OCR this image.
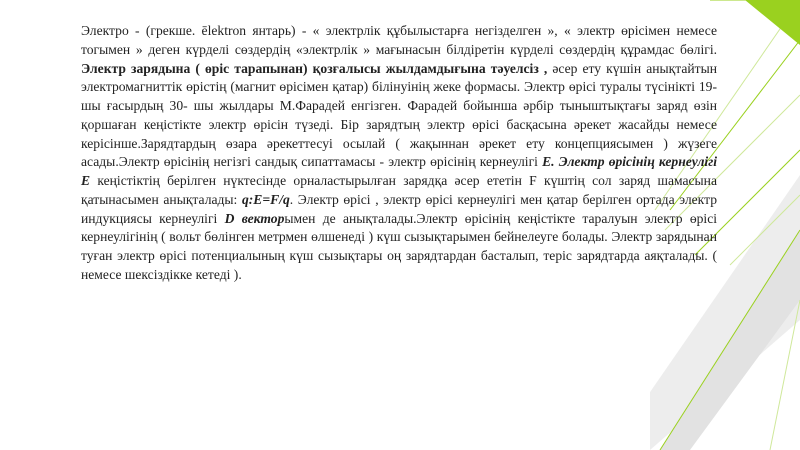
Электро - (грекше. ēlektron янтарь) - « электрлік құбылыстарға негізделген », « электр өрісімен немесе тогымен » деген күрделі сөздердің «электрлік » мағынасын білдіретін күрделі сөздердің құрамдас бөлігі. Электр зарядына ( өріс тарапынан) қозғалысы жылдамдығына тәуелсіз , әсер ету күшін анықтайтын электромагниттік өрістің (магнит өрісімен қатар) білінуінің жеке формасы. Электр өрісі туралы түсінікті 19-шы ғасырдың 30- шы жылдары М.Фарадей енгізген. Фарадей бойынша әрбір тыныштықтағы заряд өзін қоршаған кеңістікте электр өрісін түзеді. Бір зарядтың электр өрісі басқасына әрекет жасайды немесе керісінше.Зарядтардың өзара әрекеттесуі осылай ( жақыннан әрекет ету концепциясымен ) жүзеге асады.Электр өрісінің негізгі сандық сипаттамасы - электр өрісінің кернеулігі E. Электр өрісінің кернеулігі E кеңістіктің берілген нүктесінде орналастырылған зарядқа әсер ететін F күштің сол заряд шамасына қатынасымен анықталады: q:E=F/q. Электр өрісі , электр өрісі кернеулігі мен қатар берілген ортада электр индукциясы кернеулігі D векторымен де анықталады.Электр өрісінің кеңістікте таралуын электр өрісі кернеулігінің ( вольт бөлінген метрмен өлшенеді ) күш сызықтарымен бейнелеуге болады. Электр зарядынан туған электр өрісі потенциалының күш сызықтары оң зарядтардан басталып, теріс зарядтарда аяқталады. ( немесе шексіздікке кетеді ).
